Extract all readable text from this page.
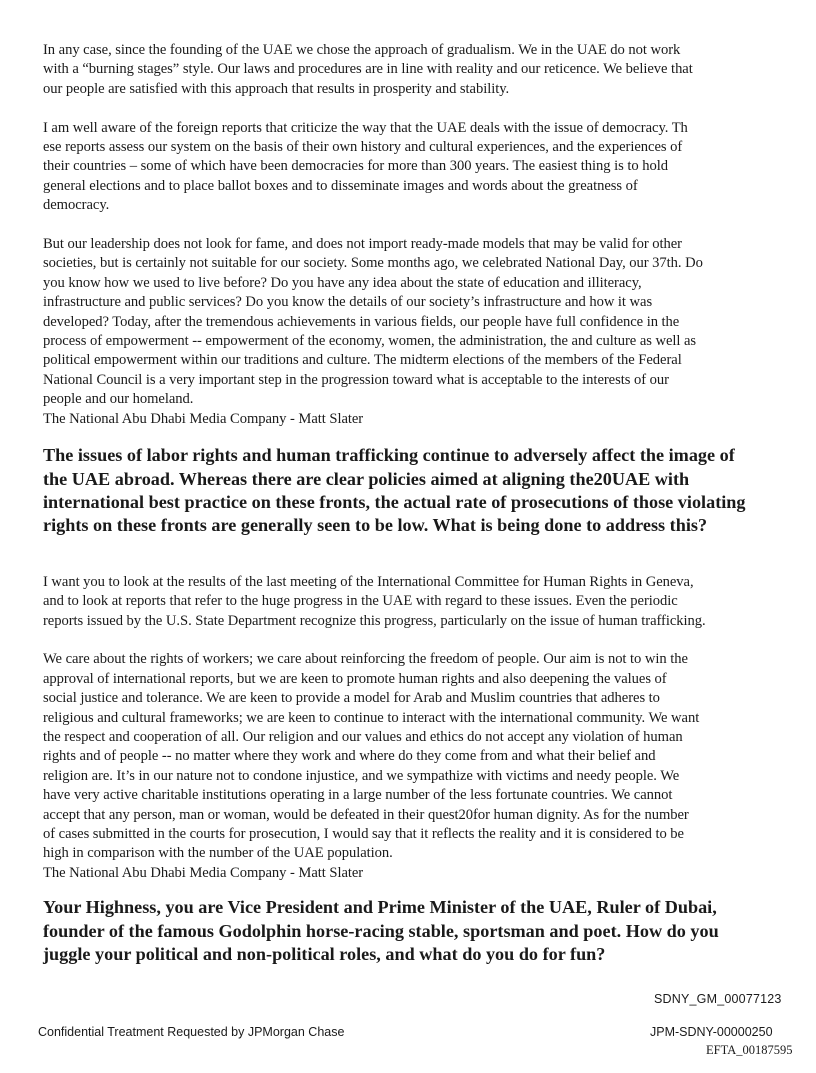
In any case, since the founding of the UAE we chose the approach of gradualism. We in the UAE do not work
with a “burning stages” style. Our laws and procedures are in line with reality and our reticence. We believe that
our people are satisfied with this approach that results in prosperity and stability.

I am well aware of the foreign reports that criticize the way that the UAE deals with the issue of democracy. Th
ese reports assess our system on the basis of their own history and cultural experiences, and the experiences of
their countries – some of which have been democracies for more than 300 years. The easiest thing is to hold
general elections and to place ballot boxes and to disseminate images and words about the greatness of
democracy.

But our leadership does not look for fame, and does not import ready-made models that may be valid for other
societies, but is certainly not suitable for our society. Some months ago, we celebrated National Day, our 37th. Do
you know how we used to live before? Do you have any idea about the state of education and illiteracy,
infrastructure and public services? Do you know the details of our society’s infrastructure and how it was
developed? Today, after the tremendous achievements in various fields, our people have full confidence in the
process of empowerment -- empowerment of the economy, women, the administration, the and culture as well as
political empowerment within our traditions and culture. The midterm elections of the members of the Federal
National Council is a very important step in the progression toward what is acceptable to the interests of our
people and our homeland.

The National Abu Dhabi Media Company - Matt Slater

The issues of labor rights and human trafficking continue to adversely affect the image of
the UAE abroad. Whereas there are clear policies aimed at aligning the20UAE with
international best practice on these fronts, the actual rate of prosecutions of those violating
rights on these fronts are generally seen to be low. What is being done to address this?

I want you to look at the results of the last meeting of the International Committee for Human Rights in Geneva,
and to look at reports that refer to the huge progress in the UAE with regard to these issues. Even the periodic
reports issued by the U.S. State Department recognize this progress, particularly on the issue of human trafficking.

We care about the rights of workers; we care about reinforcing the freedom of people. Our aim is not to win the
approval of international reports, but we are keen to promote human rights and also deepening the values of
social justice and tolerance. We are keen to provide a model for Arab and Muslim countries that adheres to
religious and cultural frameworks; we are keen to continue to interact with the international community. We want
the respect and cooperation of all. Our religion and our values and ethics do not accept any violation of human
rights and of people -- no matter where they work and where do they come from and what their belief and
religion are. It’s in our nature not to condone injustice, and we sympathize with victims and needy people. We
have very active charitable institutions operating in a large number of the less fortunate countries. We cannot
accept that any person, man or woman, would be defeated in their quest20for human dignity. As for the number
of cases submitted in the courts for prosecution, I would say that it reflects the reality and it is considered to be
high in comparison with the number of the UAE population.

The National Abu Dhabi Media Company - Matt Slater

Your Highness, you are Vice President and Prime Minister of the UAE, Ruler of Dubai,
founder of the famous Godolphin horse-racing stable, sportsman and poet. How do you
juggle your political and non-political roles, and what do you do for fun?

SDNY_GM_00077123
Confidential Treatment Requested by JPMorgan Chase	JPM-SDNY-00000250
EFTA_00187595
